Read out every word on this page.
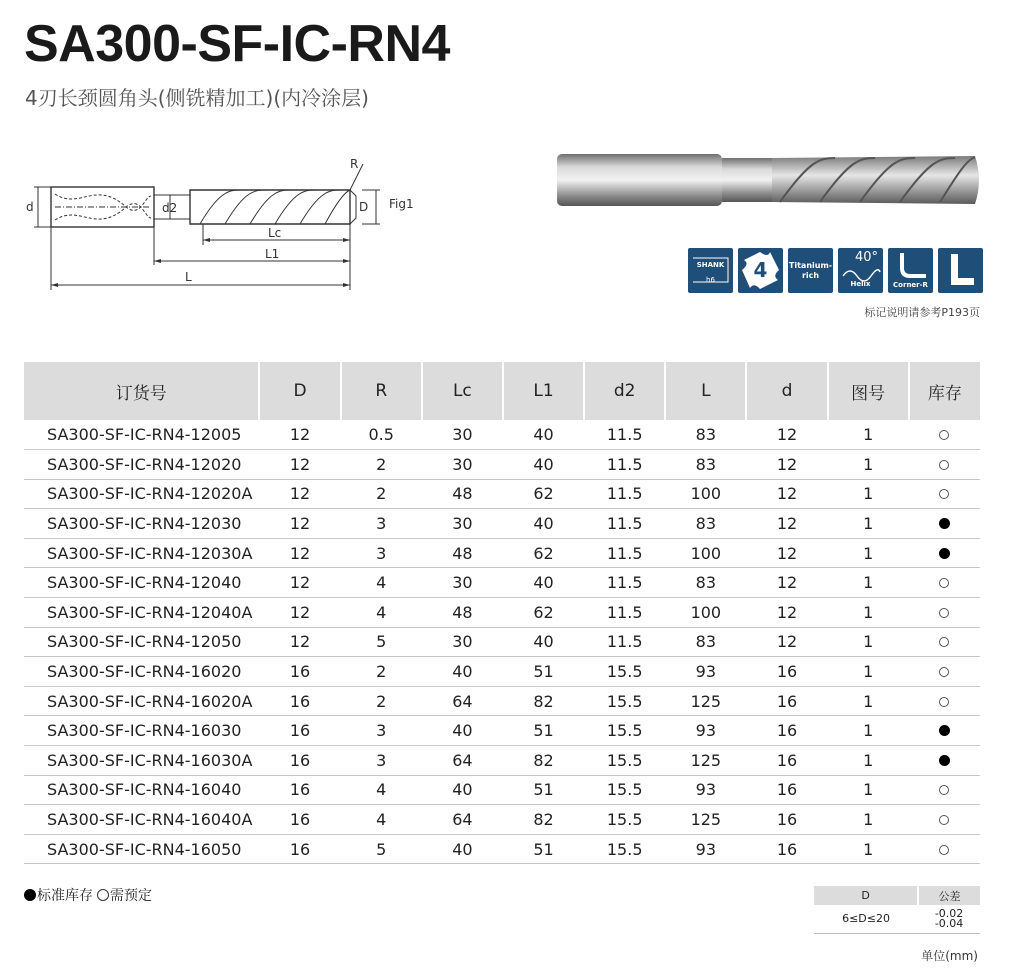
SA300-SF-IC-RN4
4刃长颈圆角头(侧铣精加工)(内冷涂层)
d	d2	D
R
Lc
L1
L
Fig1
SHANK
h6	4	Titanium-
rich
40°
Helix	Corner-R
标记说明请参考P193页
订货号	D	R	Lc	L1	d2	L	d	图号	库存
SA300-SF-IC-RN4-12005	12	0.5	30	40	11.5	83	12	1	
SA300-SF-IC-RN4-12020	12	2	30	40	11.5	83	12	1	
SA300-SF-IC-RN4-12020A	12	2	48	62	11.5	100	12	1	
SA300-SF-IC-RN4-12030	12	3	30	40	11.5	83	12	1	
SA300-SF-IC-RN4-12030A	12	3	48	62	11.5	100	12	1	
SA300-SF-IC-RN4-12040	12	4	30	40	11.5	83	12	1	
SA300-SF-IC-RN4-12040A	12	4	48	62	11.5	100	12	1	
SA300-SF-IC-RN4-12050	12	5	30	40	11.5	83	12	1	
SA300-SF-IC-RN4-16020	16	2	40	51	15.5	93	16	1	
SA300-SF-IC-RN4-16020A	16	2	64	82	15.5	125	16	1	
SA300-SF-IC-RN4-16030	16	3	40	51	15.5	93	16	1	
SA300-SF-IC-RN4-16030A	16	3	64	82	15.5	125	16	1	
SA300-SF-IC-RN4-16040	16	4	40	51	15.5	93	16	1	
SA300-SF-IC-RN4-16040A	16	4	64	82	15.5	125	16	1	
SA300-SF-IC-RN4-16050	16	5	40	51	15.5	93	16	1	
标准库存 需预定	D	公差
6≤D≤20	-0.02
-0.04
单位(mm)
